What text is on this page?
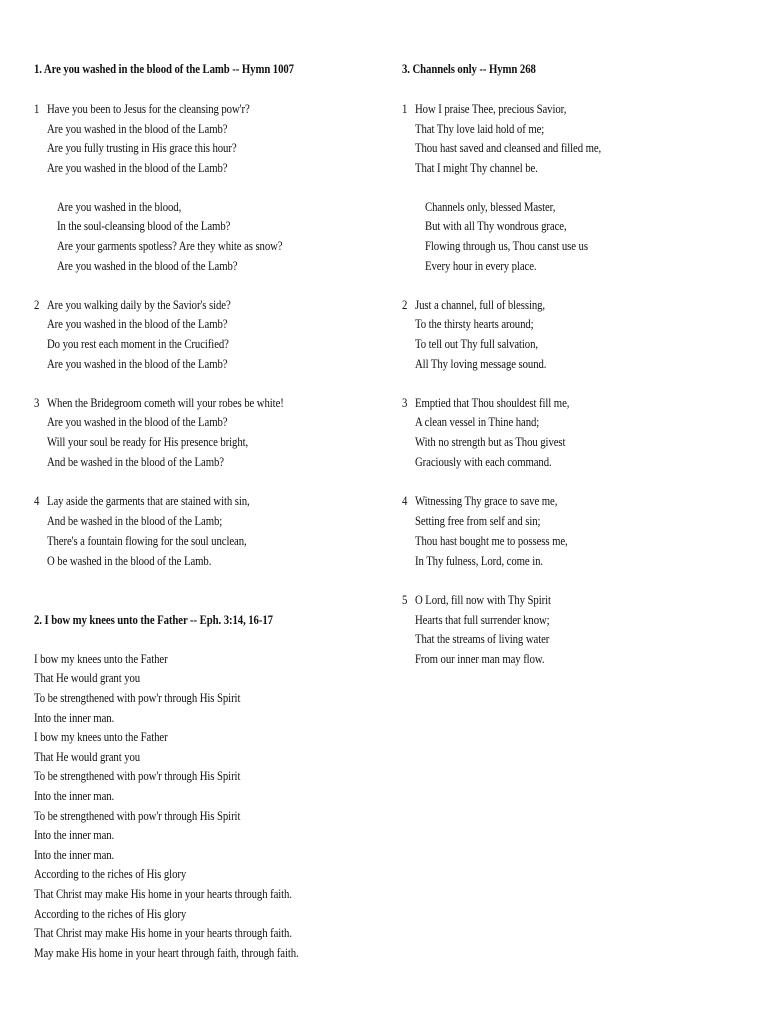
1. Are you washed in the blood of the Lamb -- Hymn 1007
1 Have you been to Jesus for the cleansing pow'r?
Are you washed in the blood of the Lamb?
Are you fully trusting in His grace this hour?
Are you washed in the blood of the Lamb?
Are you washed in the blood,
In the soul-cleansing blood of the Lamb?
Are your garments spotless? Are they white as snow?
Are you washed in the blood of the Lamb?
2 Are you walking daily by the Savior's side?
Are you washed in the blood of the Lamb?
Do you rest each moment in the Crucified?
Are you washed in the blood of the Lamb?
3 When the Bridegroom cometh will your robes be white!
Are you washed in the blood of the Lamb?
Will your soul be ready for His presence bright,
And be washed in the blood of the Lamb?
4 Lay aside the garments that are stained with sin,
And be washed in the blood of the Lamb;
There's a fountain flowing for the soul unclean,
O be washed in the blood of the Lamb.
2. I bow my knees unto the Father -- Eph. 3:14, 16-17
I bow my knees unto the Father
That He would grant you
To be strengthened with pow'r through His Spirit
Into the inner man.
I bow my knees unto the Father
That He would grant you
To be strengthened with pow'r through His Spirit
Into the inner man.
To be strengthened with pow'r through His Spirit
Into the inner man.
Into the inner man.
According to the riches of His glory
That Christ may make His home in your hearts through faith.
According to the riches of His glory
That Christ may make His home in your hearts through faith.
May make His home in your heart through faith, through faith.
3. Channels only -- Hymn 268
1 How I praise Thee, precious Savior,
That Thy love laid hold of me;
Thou hast saved and cleansed and filled me,
That I might Thy channel be.
Channels only, blessed Master,
But with all Thy wondrous grace,
Flowing through us, Thou canst use us
Every hour in every place.
2 Just a channel, full of blessing,
To the thirsty hearts around;
To tell out Thy full salvation,
All Thy loving message sound.
3 Emptied that Thou shouldest fill me,
A clean vessel in Thine hand;
With no strength but as Thou givest
Graciously with each command.
4 Witnessing Thy grace to save me,
Setting free from self and sin;
Thou hast bought me to possess me,
In Thy fulness, Lord, come in.
5 O Lord, fill now with Thy Spirit
Hearts that full surrender know;
That the streams of living water
From our inner man may flow.
